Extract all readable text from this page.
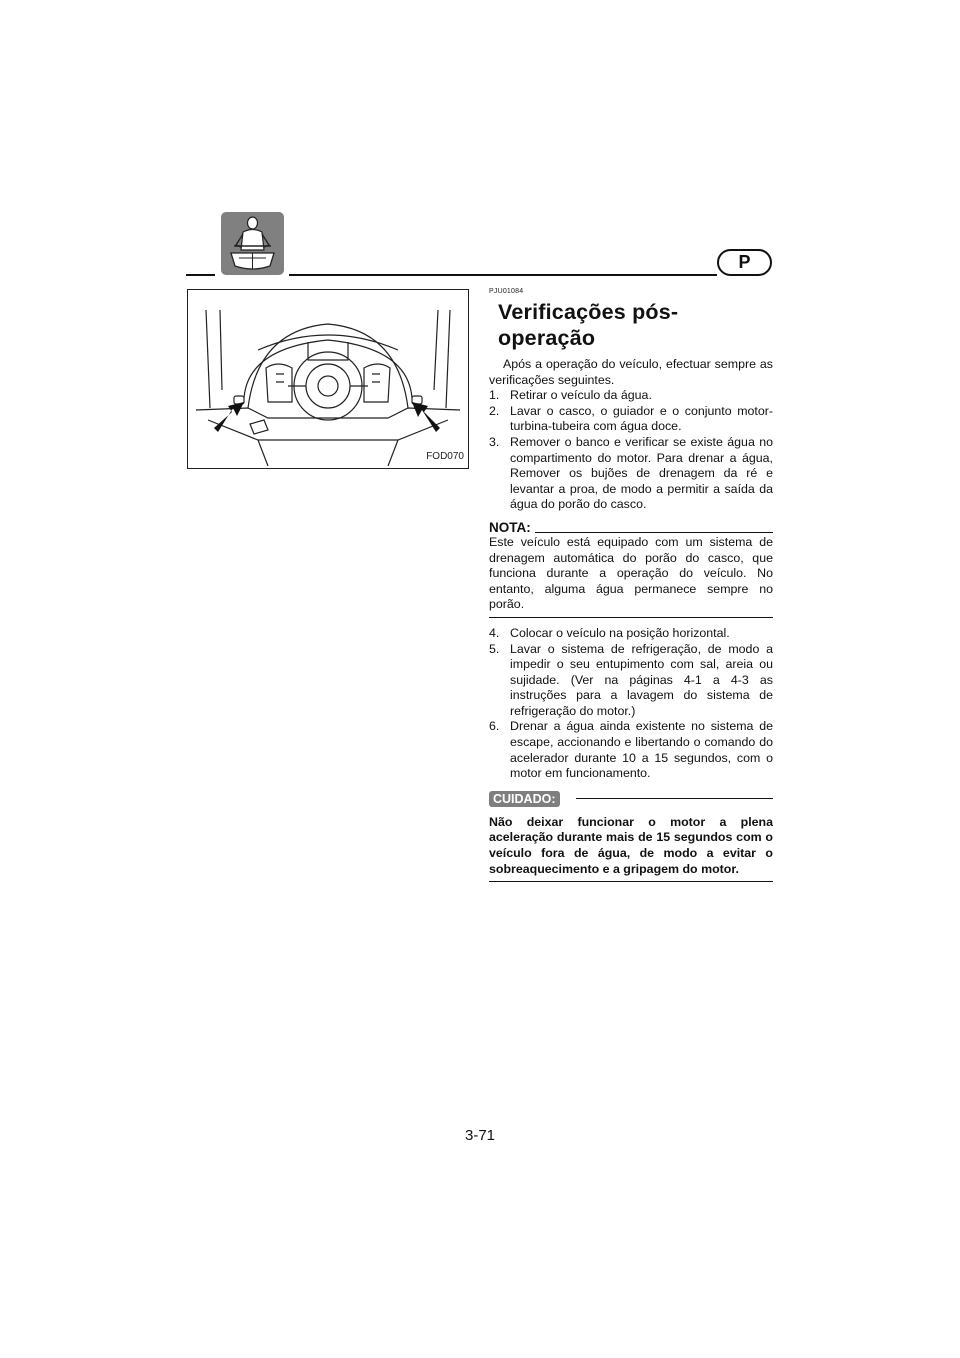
P
FOD070
PJU01084
Verificações pós-operação

Após a operação do veículo, efectuar sempre as verificações seguintes.

1. Retirar o veículo da água.
2. Lavar o casco, o guiador e o conjunto motor-turbina-tubeira com água doce.
3. Remover o banco e verificar se existe água no compartimento do motor. Para drenar a água, Remover os bujões de drenagem da ré e levantar a proa, de modo a permitir a saída da água do porão do casco.
NOTA:

Este veículo está equipado com um sistema de drenagem automática do porão do casco, que funciona durante a operação do veículo. No entanto, alguma água permanece sempre no porão.

4. Colocar o veículo na posição horizontal.
5. Lavar o sistema de refrigeração, de modo a impedir o seu entupimento com sal, areia ou sujidade. (Ver na páginas 4-1 a 4-3 as instruções para a lavagem do sistema de refrigeração do motor.)
6. Drenar a água ainda existente no sistema de escape, accionando e libertando o comando do acelerador durante 10 a 15 segundos, com o motor em funcionamento.
CUIDADO:

Não deixar funcionar o motor a plena aceleração durante mais de 15 segundos com o veículo fora de água, de modo a evitar o sobreaquecimento e a gripagem do motor.

3-71
